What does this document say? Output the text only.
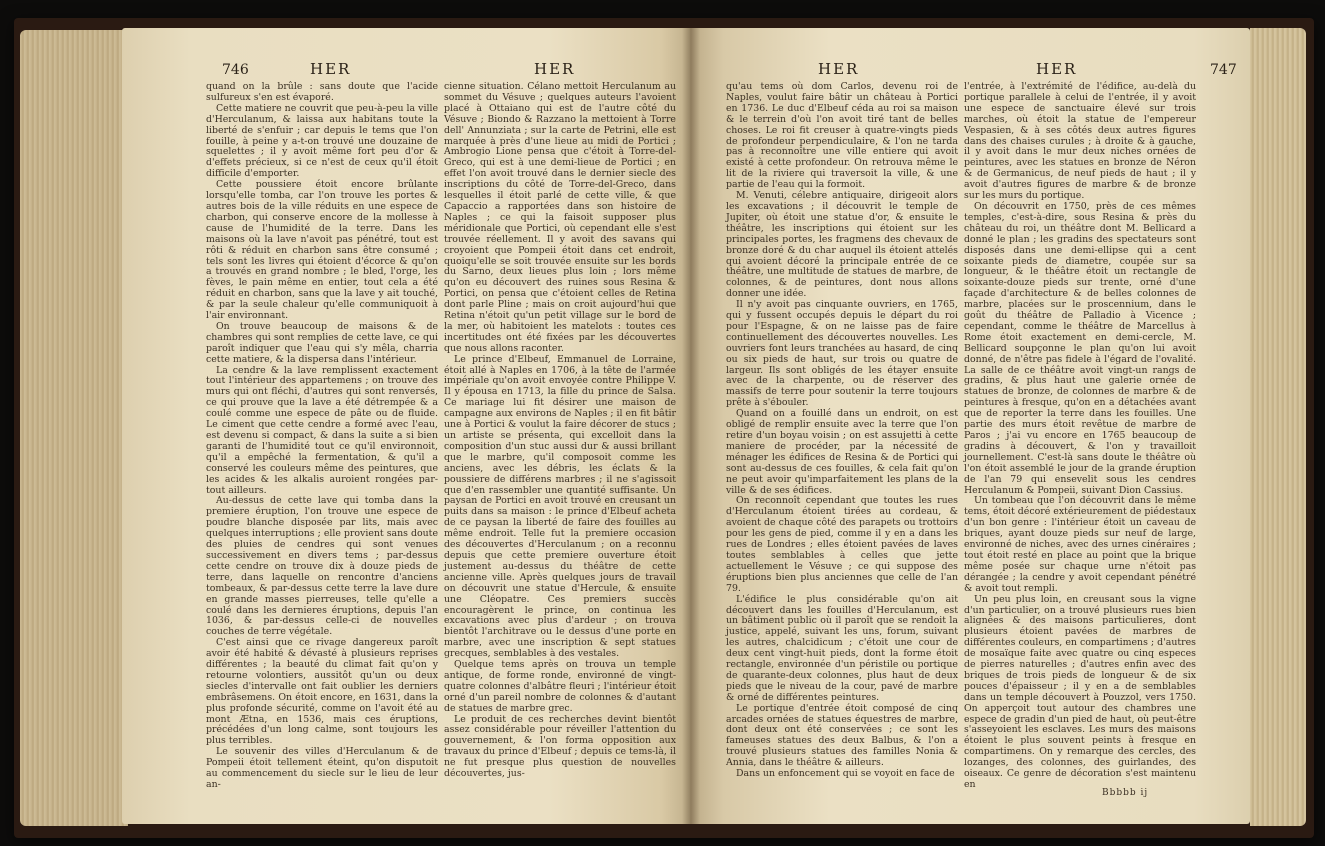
746	HER	HER

quand on la brûle : sans doute que l'acide sulfureux s'en est évaporé.

Cette matiere ne couvrit que peu-à-peu la ville d'Herculanum, & laissa aux habitans toute la liberté de s'enfuir ; car depuis le tems que l'on fouille, à peine y a-t-on trouvé une douzaine de squelettes ; il y avoit même fort peu d'or & d'effets précieux, si ce n'est de ceux qu'il étoit difficile d'emporter.

Cette poussiere étoit encore brûlante lorsqu'elle tomba, car l'on trouve les portes & autres bois de la ville réduits en une espece de charbon, qui conserve encore de la mollesse à cause de l'humidité de la terre. Dans les maisons où la lave n'avoit pas pénétré, tout est rôti & réduit en charbon sans être consumé ; tels sont les livres qui étoient d'écorce & qu'on a trouvés en grand nombre ; le bled, l'orge, les fèves, le pain même en entier, tout cela a été réduit en charbon, sans que la lave y ait touché, & par la seule chaleur qu'elle communiquoit à l'air environnant.

On trouve beaucoup de maisons & de chambres qui sont remplies de cette lave, ce qui paroît indiquer que l'eau qui s'y mêla, charria cette matiere, & la dispersa dans l'intérieur.

La cendre & la lave remplissent exactement tout l'intérieur des appartemens ; on trouve des murs qui ont fléchi, d'autres qui sont renversés, ce qui prouve que la lave a été détrempée & a coulé comme une espece de pâte ou de fluide. Le ciment que cette cendre a formé avec l'eau, est devenu si compact, & dans la suite a si bien garanti de l'humidité tout ce qu'il environnoit, qu'il a empêché la fermentation, & qu'il a conservé les couleurs même des peintures, que les acides & les alkalis auroient rongées par-tout ailleurs.

Au-dessus de cette lave qui tomba dans la premiere éruption, l'on trouve une espece de poudre blanche disposée par lits, mais avec quelques interruptions ; elle provient sans doute des pluies de cendres qui sont venues successivement en divers tems ; par-dessus cette cendre on trouve dix à douze pieds de terre, dans laquelle on rencontre d'anciens tombeaux, & par-dessus cette terre la lave dure en grande masses pierreuses, telle qu'elle a coulé dans les dernieres éruptions, depuis l'an 1036, & par-dessus celle-ci de nouvelles couches de terre végétale.

C'est ainsi que ce rivage dangereux paroît avoir été habité & dévasté à plusieurs reprises différentes ; la beauté du climat fait qu'on y retourne volontiers, aussitôt qu'un ou deux siecles d'intervalle ont fait oublier les derniers embrâsemens. On étoit encore, en 1631, dans la plus profonde sécurité, comme on l'avoit été au mont Ætna, en 1536, mais ces éruptions, précédées d'un long calme, sont toujours les plus terribles.

Le souvenir des villes d'Herculanum & de Pompeii étoit tellement éteint, qu'on disputoit au commencement du siecle sur le lieu de leur an-

cienne situation. Célano mettoit Herculanum au sommet du Vésuve ; quelques auteurs l'avoient placé à Ottaiano qui est de l'autre côté du Vésuve ; Biondo & Razzano la mettoient à Torre dell' Annunziata ; sur la carte de Petrini, elle est marquée à près d'une lieue au midi de Portici ; Ambrogio Lione pensa que c'étoit à Torre-del-Greco, qui est à une demi-lieue de Portici ; en effet l'on avoit trouvé dans le dernier siecle des inscriptions du côté de Torre-del-Greco, dans lesquelles il étoit parlé de cette ville, & que Capaccio a rapportées dans son histoire de Naples ; ce qui la faisoit supposer plus méridionale que Portici, où cependant elle s'est trouvée réellement. Il y avoit des savans qui croyoient que Pompeii étoit dans cet endroit, quoiqu'elle se soit trouvée ensuite sur les bords du Sarno, deux lieues plus loin ; lors même qu'on eu découvert des ruines sous Resina & Portici, on pensa que c'étoient celles de Retina dont parle Pline ; mais on croit aujourd'hui que Retina n'étoit qu'un petit village sur le bord de la mer, où habitoient les matelots : toutes ces incertitudes ont été fixées par les découvertes que nous allons raconter.

Le prince d'Elbeuf, Emmanuel de Lorraine, étoit allé à Naples en 1706, à la tête de l'armée impériale qu'on avoit envoyée contre Philippe V. Il y épousa en 1713, la fille du prince de Salsa. Ce mariage lui fit désirer une maison de campagne aux environs de Naples ; il en fit bâtir une à Portici & voulut la faire décorer de stucs ; un artiste se présenta, qui excelloit dans la composition d'un stuc aussi dur & aussi brillant que le marbre, qu'il composoit comme les anciens, avec les débris, les éclats & la poussiere de différens marbres ; il ne s'agissoit que d'en rassembler une quantité suffisante. Un paysan de Portici en avoit trouvé en creusant un puits dans sa maison : le prince d'Elbeuf acheta de ce paysan la liberté de faire des fouilles au même endroit. Telle fut la premiere occasion des découvertes d'Herculanum ; on a reconnu depuis que cette premiere ouverture étoit justement au-dessus du théâtre de cette ancienne ville. Après quelques jours de travail on découvrit une statue d'Hercule, & ensuite une Cléopatre. Ces premiers succès encouragèrent le prince, on continua les excavations avec plus d'ardeur ; on trouva bientôt l'architrave ou le dessus d'une porte en marbre, avec une inscription & sept statues grecques, semblables à des vestales.

Quelque tems après on trouva un temple antique, de forme ronde, environné de vingt-quatre colonnes d'albâtre fleuri ; l'intérieur étoit orné d'un pareil nombre de colonnes & d'autant de statues de marbre grec.

Le produit de ces recherches devint bientôt assez considérable pour réveiller l'attention du gouvernement, & l'on forma opposition aux travaux du prince d'Elbeuf ; depuis ce tems-là, il ne fut presque plus question de nouvelles découvertes, jus-

HER	HER	747

qu'au tems où dom Carlos, devenu roi de Naples, voulut faire bâtir un château à Portici en 1736. Le duc d'Elbeuf céda au roi sa maison & le terrein d'où l'on avoit tiré tant de belles choses. Le roi fit creuser à quatre-vingts pieds de profondeur perpendiculaire, & l'on ne tarda pas à reconnoître une ville entiere qui avoit existé à cette profondeur. On retrouva même le lit de la riviere qui traversoit la ville, & une partie de l'eau qui la formoit.

M. Venuti, célebre antiquaire, dirigeoit alors les excavations ; il découvrit le temple de Jupiter, où étoit une statue d'or, & ensuite le théâtre, les inscriptions qui étoient sur les principales portes, les fragmens des chevaux de bronze doré & du char auquel ils étoient attelés qui avoient décoré la principale entrée de ce théâtre, une multitude de statues de marbre, de colonnes, & de peintures, dont nous allons donner une idée.

Il n'y avoit pas cinquante ouvriers, en 1765, qui y fussent occupés depuis le départ du roi pour l'Espagne, & on ne laisse pas de faire continuellement des découvertes nouvelles. Les ouvriers font leurs tranchées au hasard, de cinq ou six pieds de haut, sur trois ou quatre de largeur. Ils sont obligés de les étayer ensuite avec de la charpente, ou de réserver des massifs de terre pour soutenir la terre toujours prête à s'ébouler.

Quand on a fouillé dans un endroit, on est obligé de remplir ensuite avec la terre que l'on retire d'un boyau voisin ; on est assujetti à cette maniere de procéder, par la nécessité de ménager les édifices de Resina & de Portici qui sont au-dessus de ces fouilles, & cela fait qu'on ne peut avoir qu'imparfaitement les plans de la ville & de ses édifices.

On reconnoît cependant que toutes les rues d'Herculanum étoient tirées au cordeau, & avoient de chaque côté des parapets ou trottoirs pour les gens de pied, comme il y en a dans les rues de Londres ; elles étoient pavées de laves toutes semblables à celles que jette actuellement le Vésuve ; ce qui suppose des éruptions bien plus anciennes que celle de l'an 79.

L'édifice le plus considérable qu'on ait découvert dans les fouilles d'Herculanum, est un bâtiment public où il paroît que se rendoit la justice, appelé, suivant les uns, forum, suivant les autres, chalcidicum ; c'étoit une cour de deux cent vingt-huit pieds, dont la forme étoit rectangle, environnée d'un péristile ou portique de quarante-deux colonnes, plus haut de deux pieds que le niveau de la cour, pavé de marbre & orné de différentes peintures.

Le portique d'entrée étoit composé de cinq arcades ornées de statues équestres de marbre, dont deux ont été conservées ; ce sont les fameuses statues des deux Balbus, & l'on a trouvé plusieurs statues des familles Nonia & Annia, dans le théâtre & ailleurs.

Dans un enfoncement qui se voyoit en face de

l'entrée, à l'extrémité de l'édifice, au-delà du portique parallele à celui de l'entrée, il y avoit une espece de sanctuaire élevé sur trois marches, où étoit la statue de l'empereur Vespasien, & à ses côtés deux autres figures dans des chaises curules ; à droite & à gauche, il y avoit dans le mur deux niches ornées de peintures, avec les statues en bronze de Néron & de Germanicus, de neuf pieds de haut ; il y avoit d'autres figures de marbre & de bronze sur les murs du portique.

On découvrit en 1750, près de ces mêmes temples, c'est-à-dire, sous Resina & près du château du roi, un théâtre dont M. Bellicard a donné le plan ; les gradins des spectateurs sont disposés dans une demi-ellipse qui a cent soixante pieds de diametre, coupée sur sa longueur, & le théâtre étoit un rectangle de soixante-douze pieds sur trente, orné d'une façade d'architecture & de belles colonnes de marbre, placées sur le proscennium, dans le goût du théâtre de Palladio à Vicence ; cependant, comme le théâtre de Marcellus à Rome étoit exactement en demi-cercle, M. Bellicard soupçonne le plan qu'on lui avoit donné, de n'être pas fidele à l'égard de l'ovalité. La salle de ce théâtre avoit vingt-un rangs de gradins, & plus haut une galerie ornée de statues de bronze, de colonnes de marbre & de peintures à fresque, qu'on en a détachées avant que de reporter la terre dans les fouilles. Une partie des murs étoit revêtue de marbre de Paros ; j'ai vu encore en 1765 beaucoup de gradins à découvert, & l'on y travailloit journellement. C'est-là sans doute le théâtre où l'on étoit assemblé le jour de la grande éruption de l'an 79 qui ensevelit sous les cendres Herculanum & Pompeii, suivant Dion Cassius.

Un tombeau que l'on découvrit dans le même tems, étoit décoré extérieurement de piédestaux d'un bon genre : l'intérieur étoit un caveau de briques, ayant douze pieds sur neuf de large, environné de niches, avec des urnes cinéraires ; tout étoit resté en place au point que la brique même posée sur chaque urne n'étoit pas dérangée ; la cendre y avoit cependant pénétré & avoit tout rempli.

Un peu plus loin, en creusant sous la vigne d'un particulier, on a trouvé plusieurs rues bien alignées & des maisons particulieres, dont plusieurs étoient pavées de marbres de différentes couleurs, en compartimens ; d'autres de mosaïque faite avec quatre ou cinq especes de pierres naturelles ; d'autres enfin avec des briques de trois pieds de longueur & de six pouces d'épaisseur ; il y en a de semblables dans un temple découvert à Pouzzol, vers 1750. On apperçoit tout autour des chambres une espece de gradin d'un pied de haut, où peut-être s'asseyoient les esclaves. Les murs des maisons étoient le plus souvent peints à fresque en compartimens. On y remarque des cercles, des lozanges, des colonnes, des guirlandes, des oiseaux. Ce genre de décoration s'est maintenu en

Bbbbb ij
